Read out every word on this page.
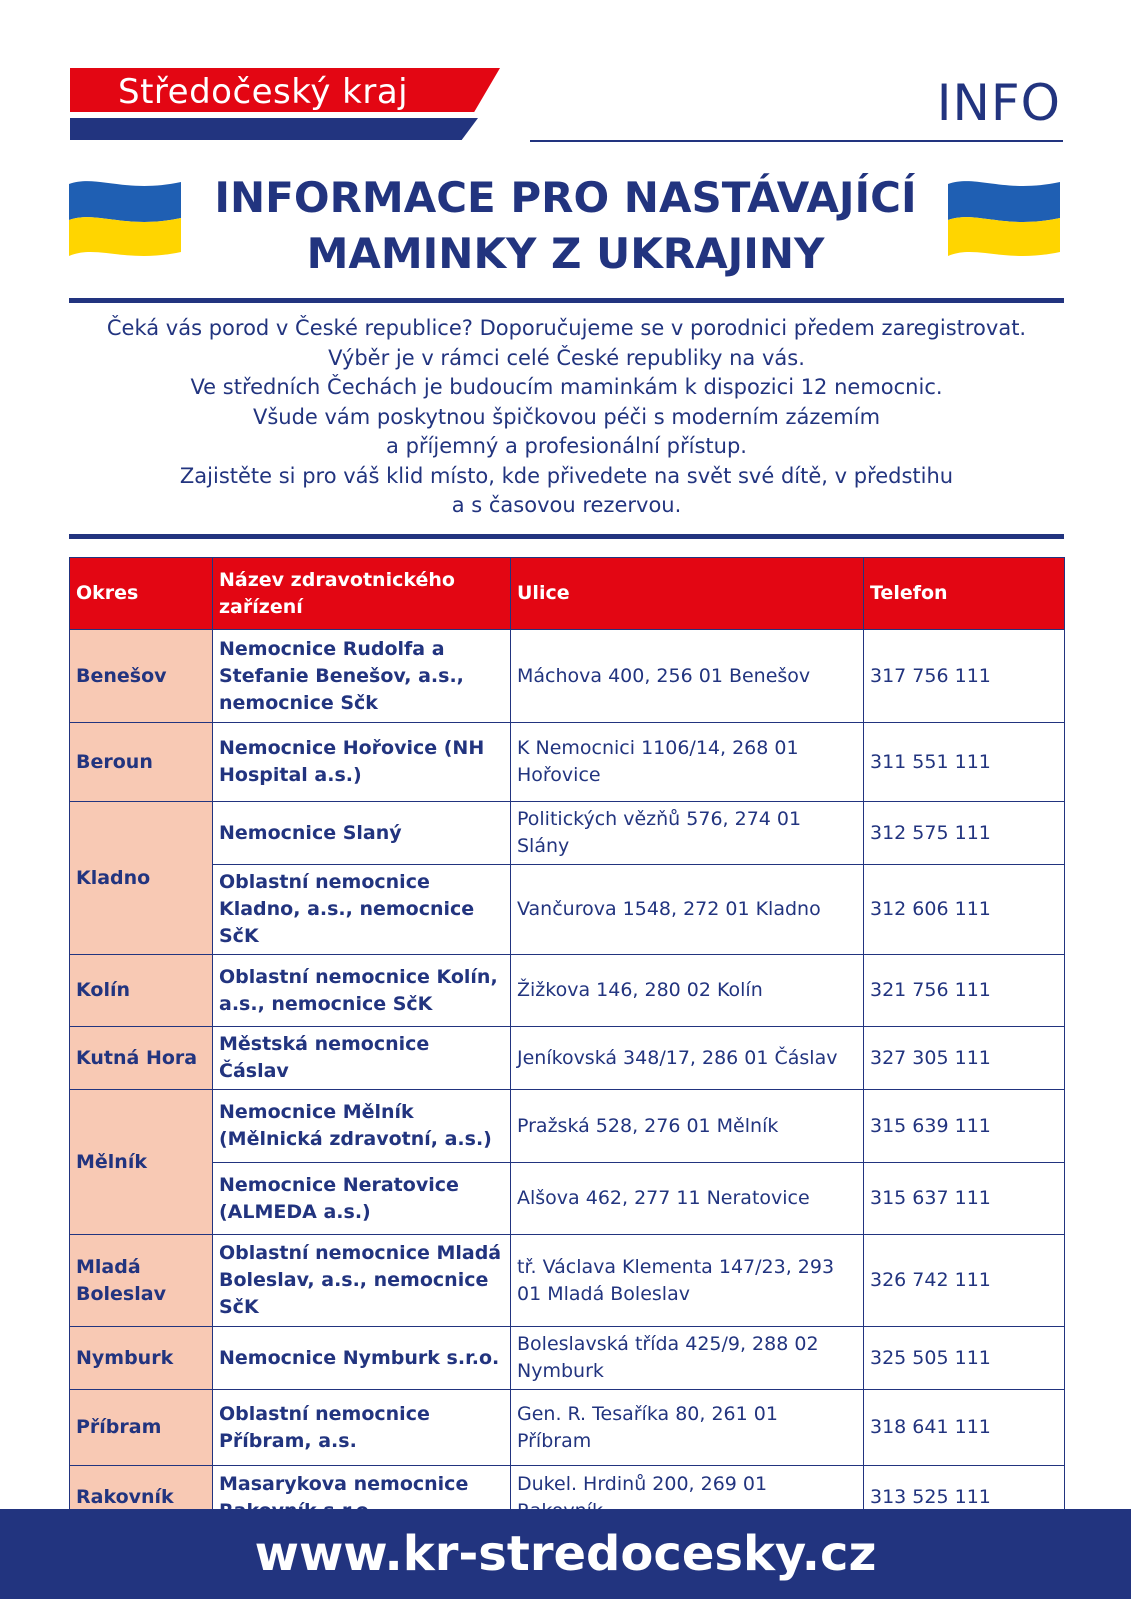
Středočeský kraj	INFO
INFORMACE PRO NASTÁVAJÍCÍ
MAMINKY Z UKRAJINY
Čeká vás porod v České republice? Doporučujeme se v porodnici předem zaregistrovat.
Výběr je v rámci celé České republiky na vás.
Ve středních Čechách je budoucím maminkám k dispozici 12 nemocnic.
Všude vám poskytnou špičkovou péči s moderním zázemím
a příjemný a profesionální přístup.
Zajistěte si pro váš klid místo, kde přivedete na svět své dítě, v předstihu
a s časovou rezervou.
Okres	Název zdravotnického zařízení	Ulice	Telefon
Benešov	Nemocnice Rudolfa a Stefanie Benešov, a.s., nemocnice Sčk	Máchova 400, 256 01 Benešov	317 756 111
Beroun	Nemocnice Hořovice (NH Hospital a.s.)	K Nemocnici 1106/14, 268 01 Hořovice	311 551 111
Kladno	Nemocnice Slaný	Politických vězňů 576, 274 01 Slány	312 575 111
	Oblastní nemocnice Kladno, a.s., nemocnice SčK	Vančurova 1548, 272 01 Kladno	312 606 111
Kolín	Oblastní nemocnice Kolín, a.s., nemocnice SčK	Žižkova 146, 280 02 Kolín	321 756 111
Kutná Hora	Městská nemocnice Čáslav	Jeníkovská 348/17, 286 01 Čáslav	327 305 111
Mělník	Nemocnice Mělník (Mělnická zdravotní, a.s.)	Pražská 528, 276 01 Mělník	315 639 111
	Nemocnice Neratovice (ALMEDA a.s.)	Alšova 462, 277 11 Neratovice	315 637 111
Mladá Boleslav	Oblastní nemocnice Mladá Boleslav, a.s., nemocnice SčK	tř. Václava Klementa 147/23, 293 01 Mladá Boleslav	326 742 111
Nymburk	Nemocnice Nymburk s.r.o.	Boleslavská třída 425/9, 288 02 Nymburk	325 505 111
Příbram	Oblastní nemocnice Příbram, a.s.	Gen. R. Tesaříka 80, 261 01 Příbram	318 641 111
Rakovník	Masarykova nemocnice	Dukel. Hrdinů 200, 269 01	313 525 111
www.kr-stredocesky.cz
